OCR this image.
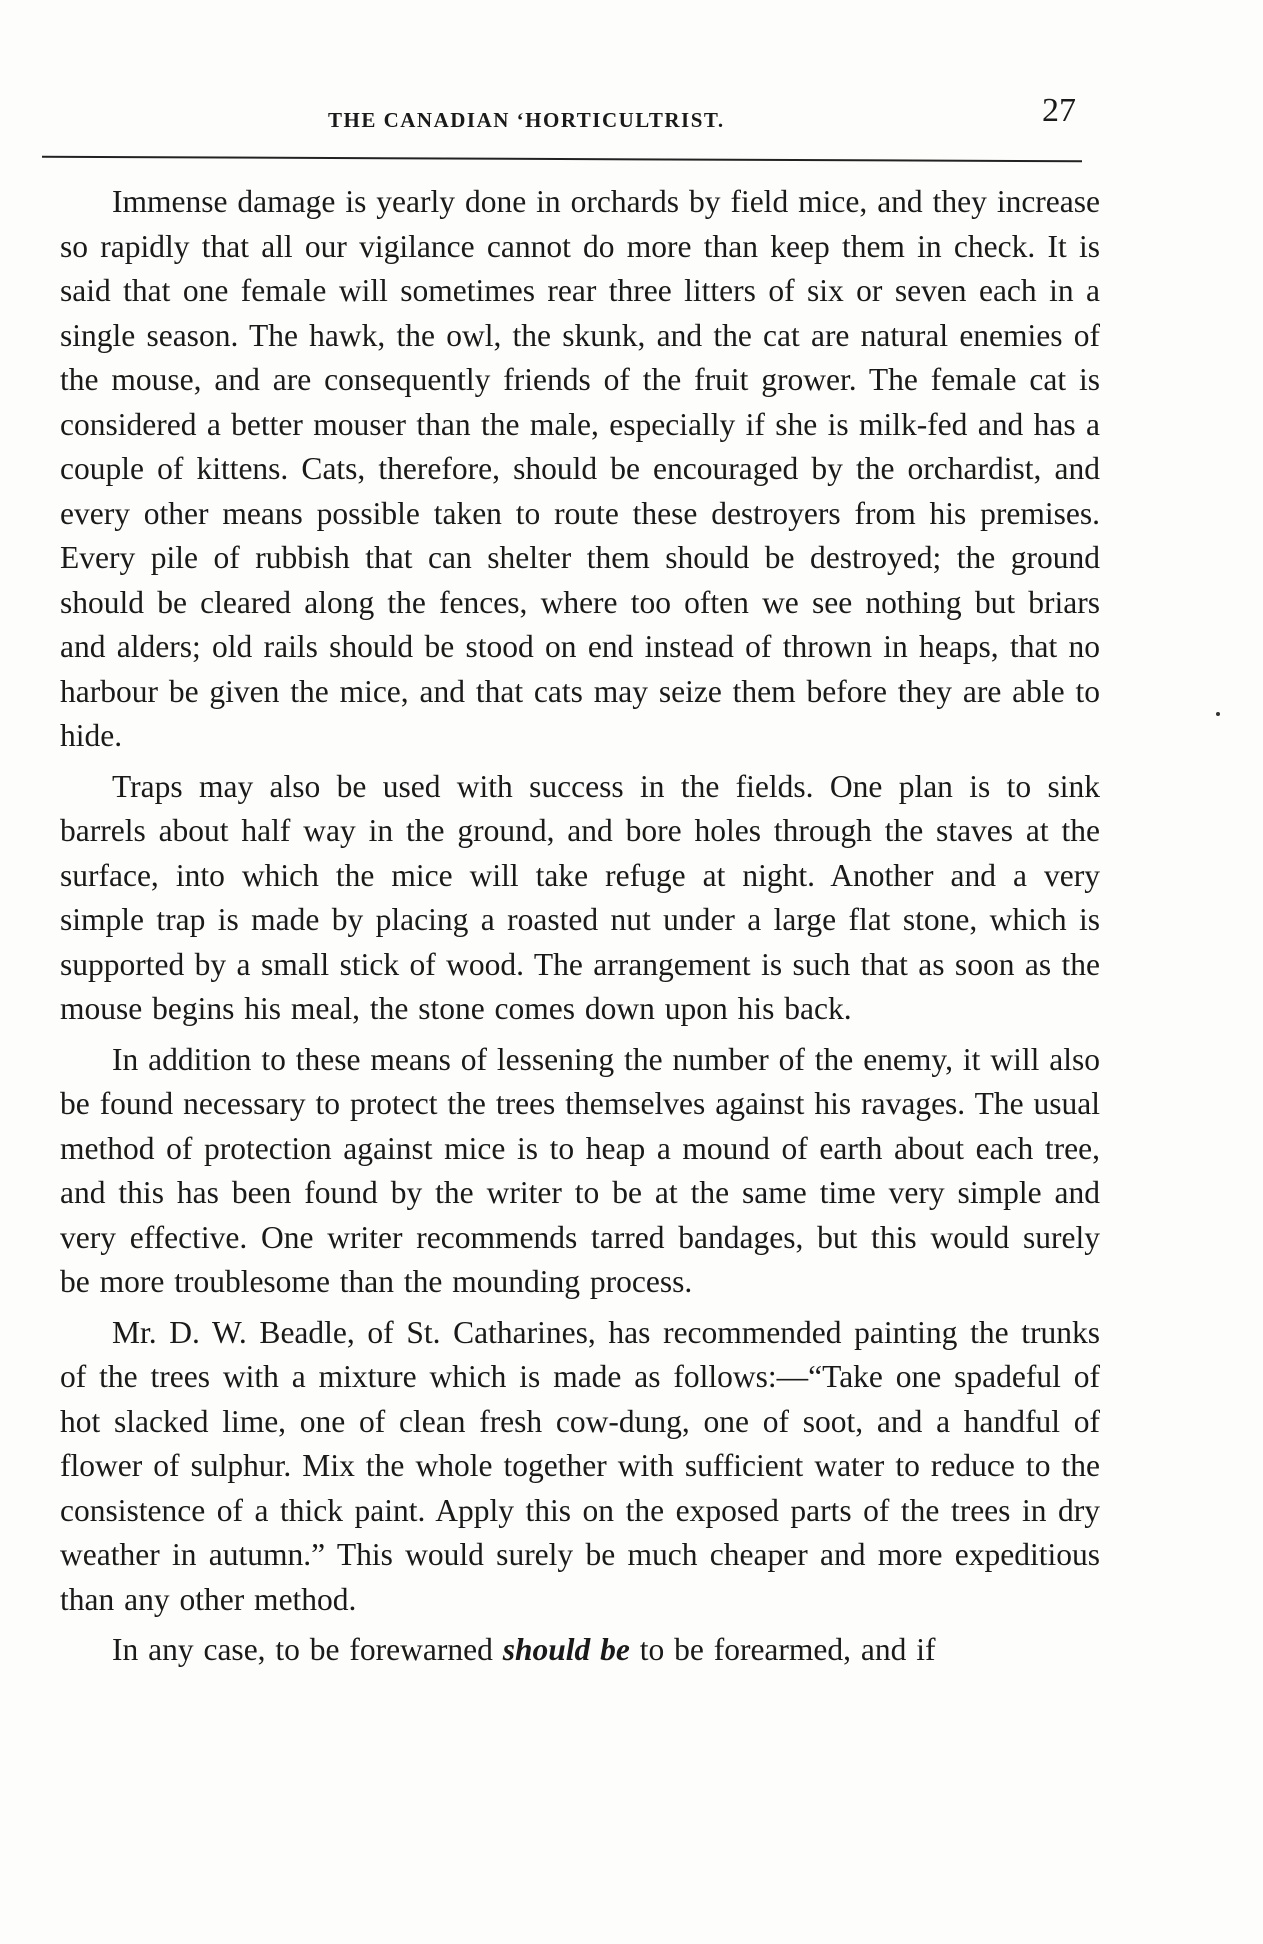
THE CANADIAN ‘HORTICULTRIST.	27

Immense damage is yearly done in orchards by field mice, and they increase so rapidly that all our vigilance cannot do more than keep them in check. It is said that one female will sometimes rear three litters of six or seven each in a single season. The hawk, the owl, the skunk, and the cat are natural enemies of the mouse, and are consequently friends of the fruit grower. The female cat is considered a better mouser than the male, especially if she is milk-fed and has a couple of kittens. Cats, therefore, should be encouraged by the orchardist, and every other means possible taken to route these destroyers from his premises. Every pile of rubbish that can shelter them should be destroyed; the ground should be cleared along the fences, where too often we see nothing but briars and alders; old rails should be stood on end instead of thrown in heaps, that no harbour be given the mice, and that cats may seize them before they are able to hide.

Traps may also be used with success in the fields. One plan is to sink barrels about half way in the ground, and bore holes through the staves at the surface, into which the mice will take refuge at night. Another and a very simple trap is made by placing a roasted nut under a large flat stone, which is supported by a small stick of wood. The arrangement is such that as soon as the mouse begins his meal, the stone comes down upon his back.

In addition to these means of lessening the number of the enemy, it will also be found necessary to protect the trees themselves against his ravages. The usual method of protection against mice is to heap a mound of earth about each tree, and this has been found by the writer to be at the same time very simple and very effective. One writer recommends tarred bandages, but this would surely be more troublesome than the mounding process.

Mr. D. W. Beadle, of St. Catharines, has recommended painting the trunks of the trees with a mixture which is made as follows:—“Take one spadeful of hot slacked lime, one of clean fresh cow-dung, one of soot, and a handful of flower of sulphur. Mix the whole together with sufficient water to reduce to the consistence of a thick paint. Apply this on the exposed parts of the trees in dry weather in autumn.” This would surely be much cheaper and more expeditious than any other method.

In any case, to be forewarned should be to be forearmed, and if
